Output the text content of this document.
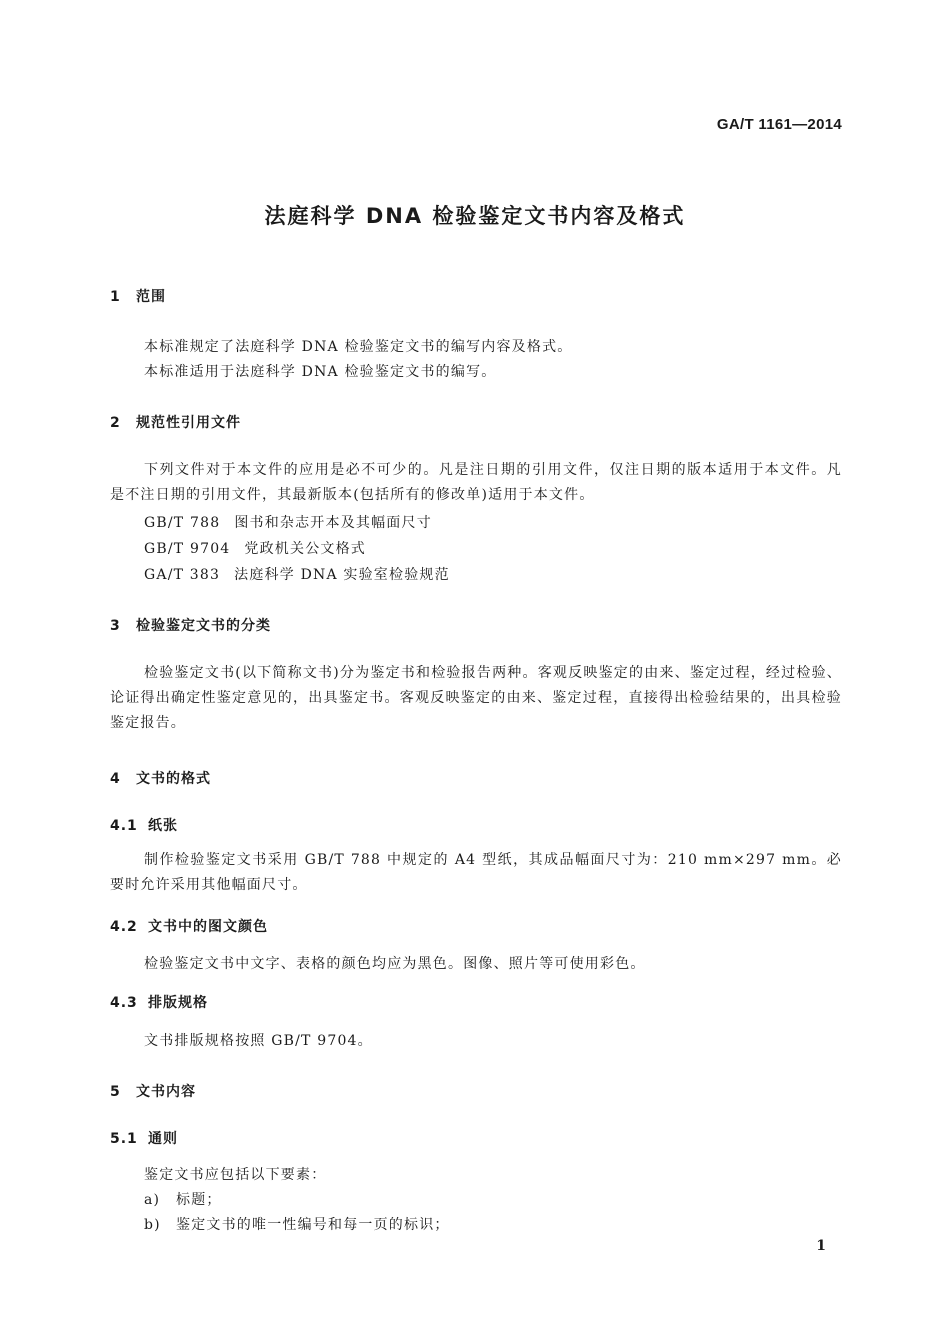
GA/T 1161—2014
法庭科学 DNA 检验鉴定文书内容及格式
1 范围
本标准规定了法庭科学 DNA 检验鉴定文书的编写内容及格式。
本标准适用于法庭科学 DNA 检验鉴定文书的编写。
2 规范性引用文件
下列文件对于本文件的应用是必不可少的。凡是注日期的引用文件，仅注日期的版本适用于本文件。凡是不注日期的引用文件，其最新版本(包括所有的修改单)适用于本文件。
GB/T 788 图书和杂志开本及其幅面尺寸
GB/T 9704 党政机关公文格式
GA/T 383 法庭科学 DNA 实验室检验规范
3 检验鉴定文书的分类
检验鉴定文书(以下简称文书)分为鉴定书和检验报告两种。客观反映鉴定的由来、鉴定过程，经过检验、论证得出确定性鉴定意见的，出具鉴定书。客观反映鉴定的由来、鉴定过程，直接得出检验结果的，出具检验鉴定报告。
4 文书的格式
4.1 纸张
制作检验鉴定文书采用 GB/T 788 中规定的 A4 型纸，其成品幅面尺寸为：210 mm×297 mm。必要时允许采用其他幅面尺寸。
4.2 文书中的图文颜色
检验鉴定文书中文字、表格的颜色均应为黑色。图像、照片等可使用彩色。
4.3 排版规格
文书排版规格按照 GB/T 9704。
5 文书内容
5.1 通则
鉴定文书应包括以下要素：
a) 标题；
b) 鉴定文书的唯一性编号和每一页的标识；
1
